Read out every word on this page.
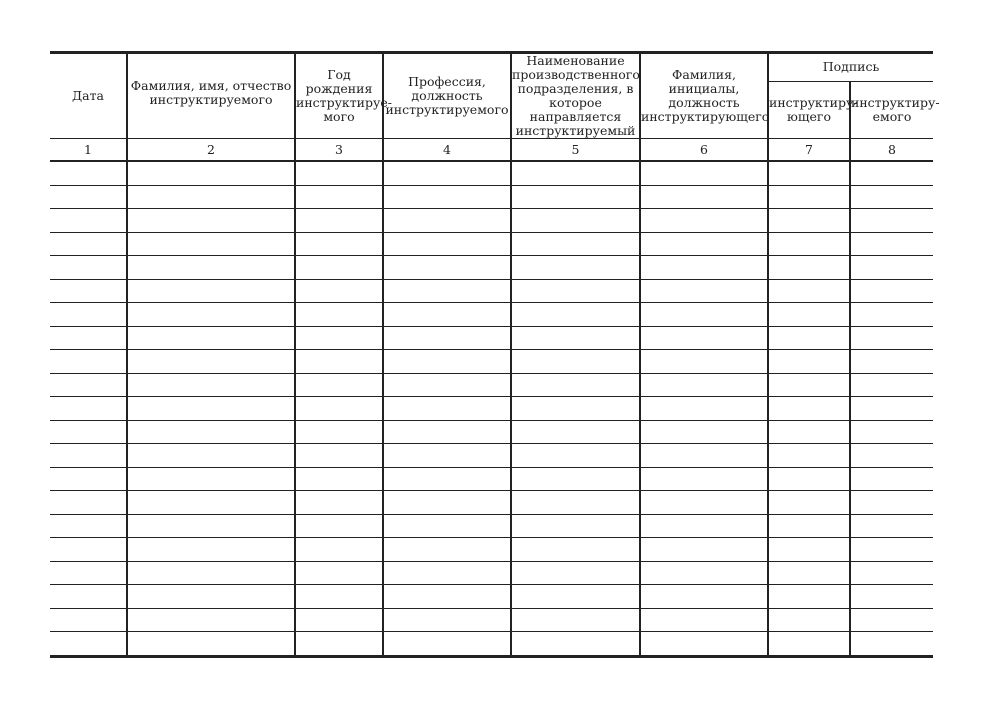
Дата	Фамилия, имя, отчество инструктируемого	Год рождения инструктируе-мого	Профессия, должность инструктируемого	Наименование производственного подразделения, в которое направляется инструктируемый	Фамилия, инициалы, должность инструктирующего	Подпись	
						инструктиру-ющего	инструктиру-емого
1	2	3	4	5	6	7	8
